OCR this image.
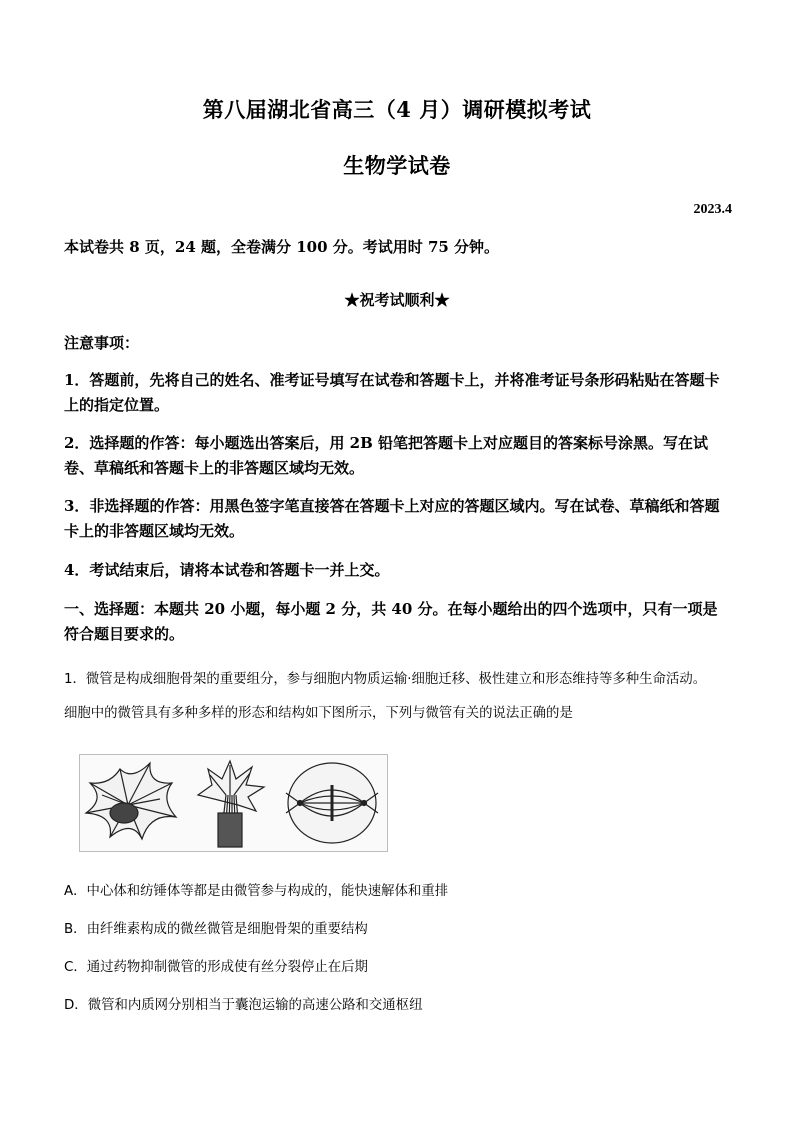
第八届湖北省高三（4 月）调研模拟考试
生物学试卷
2023.4
本试卷共 8 页，24 题，全卷满分 100 分。考试用时 75 分钟。
★祝考试顺利★
注意事项：
1．答题前，先将自己的姓名、准考证号填写在试卷和答题卡上，并将准考证号条形码粘贴在答题卡上的指定位置。
2．选择题的作答：每小题选出答案后，用 2B 铅笔把答题卡上对应题目的答案标号涂黑。写在试卷、草稿纸和答题卡上的非答题区域均无效。
3．非选择题的作答：用黑色签字笔直接答在答题卡上对应的答题区域内。写在试卷、草稿纸和答题卡上的非答题区域均无效。
4．考试结束后，请将本试卷和答题卡一并上交。
一、选择题：本题共 20 小题，每小题 2 分，共 40 分。在每小题给出的四个选项中，只有一项是符合题目要求的。
1．微管是构成细胞骨架的重要组分，参与细胞内物质运输·细胞迁移、极性建立和形态维持等多种生命活动。
细胞中的微管具有多种多样的形态和结构如下图所示，下列与微管有关的说法正确的是
A．中心体和纺锤体等都是由微管参与构成的，能快速解体和重排
B．由纤维素构成的微丝微管是细胞骨架的重要结构
C．通过药物抑制微管的形成使有丝分裂停止在后期
D．微管和内质网分别相当于囊泡运输的高速公路和交通枢纽
